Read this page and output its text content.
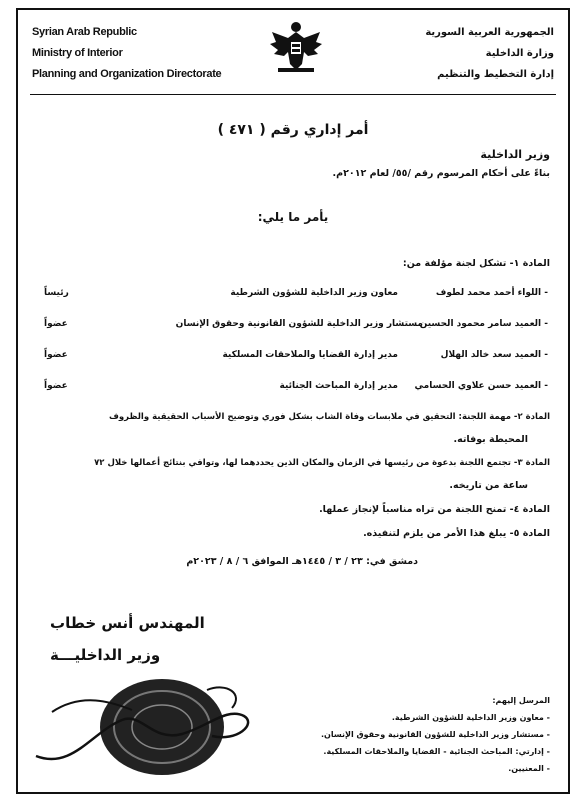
Syrian Arab Republic
Ministry of Interior
Planning and Organization Directorate
الجمهورية العربية السورية
وزارة الداخلية
إدارة التخطيط والتنظيم
أمر إداري رقم ( ٤٧١ )
وزير الداخلية
بناءً على أحكام المرسوم رقم /٥٥/ لعام ٢٠١٢م.
يأمر ما يلي:
المادة ١- تشكل لجنة مؤلفة من:
- اللواء أحمد محمد لطوف
معاون وزير الداخلية للشؤون الشرطية
رئيساً
- العميد سامر محمود الحسين
مستشار وزير الداخلية للشؤون القانونية وحقوق الإنسان
عضواً
- العميد سعد خالد الهلال
مدير إدارة القضايا والملاحقات المسلكية
عضواً
- العميد حسن علاوي الحسامي
مدير إدارة المباحث الجنائية
عضواً
المادة ٢- مهمة اللجنة: التحقيق في ملابسات وفاة الشاب بشكل فوري وتوضيح الأسباب الحقيقية والظروف
المحيطة بوفاته.
المادة ٣- تجتمع اللجنة بدعوة من رئيسها في الزمان والمكان الذين يحددهما لها، وتوافي بنتائج أعمالها خلال ٧٢
ساعة من تاريخه.
المادة ٤- تمنح اللجنة من تراه مناسباً لإنجاز عملها.
المادة ٥- يبلغ هذا الأمر من يلزم لتنفيذه.
دمشق في: ٢٣ / ٣ / ١٤٤٥هـ الموافق ٦ / ٨ / ٢٠٢٣م
المهندس أنس خطاب
وزير الداخليـــة
المرسل إليهم:
- معاون وزير الداخلية للشؤون الشرطية.
- مستشار وزير الداخلية للشؤون القانونية وحقوق الإنسان.
- إدارتي: المباحث الجنائية - القضايا والملاحقات المسلكية.
- المعنيين.
